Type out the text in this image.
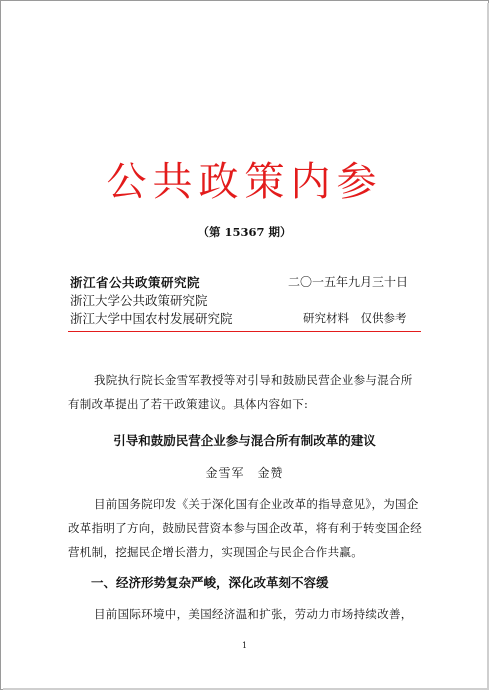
公共政策内参
（第 15367 期）
浙江省公共政策研究院	二〇一五年九月三十日
浙江大学公共政策研究院
浙江大学中国农村发展研究院	研究材料　仅供参考
我院执行院长金雪军教授等对引导和鼓励民营企业参与混合所有制改革提出了若干政策建议。具体内容如下:
引导和鼓励民营企业参与混合所有制改革的建议
金雪军　金赞
目前国务院印发《关于深化国有企业改革的指导意见》，为国企改革指明了方向，鼓励民营资本参与国企改革，将有利于转变国企经营机制，挖掘民企增长潜力，实现国企与民企合作共赢。
一、经济形势复杂严峻，深化改革刻不容缓
目前国际环境中，美国经济温和扩张，劳动力市场持续改善，
1
